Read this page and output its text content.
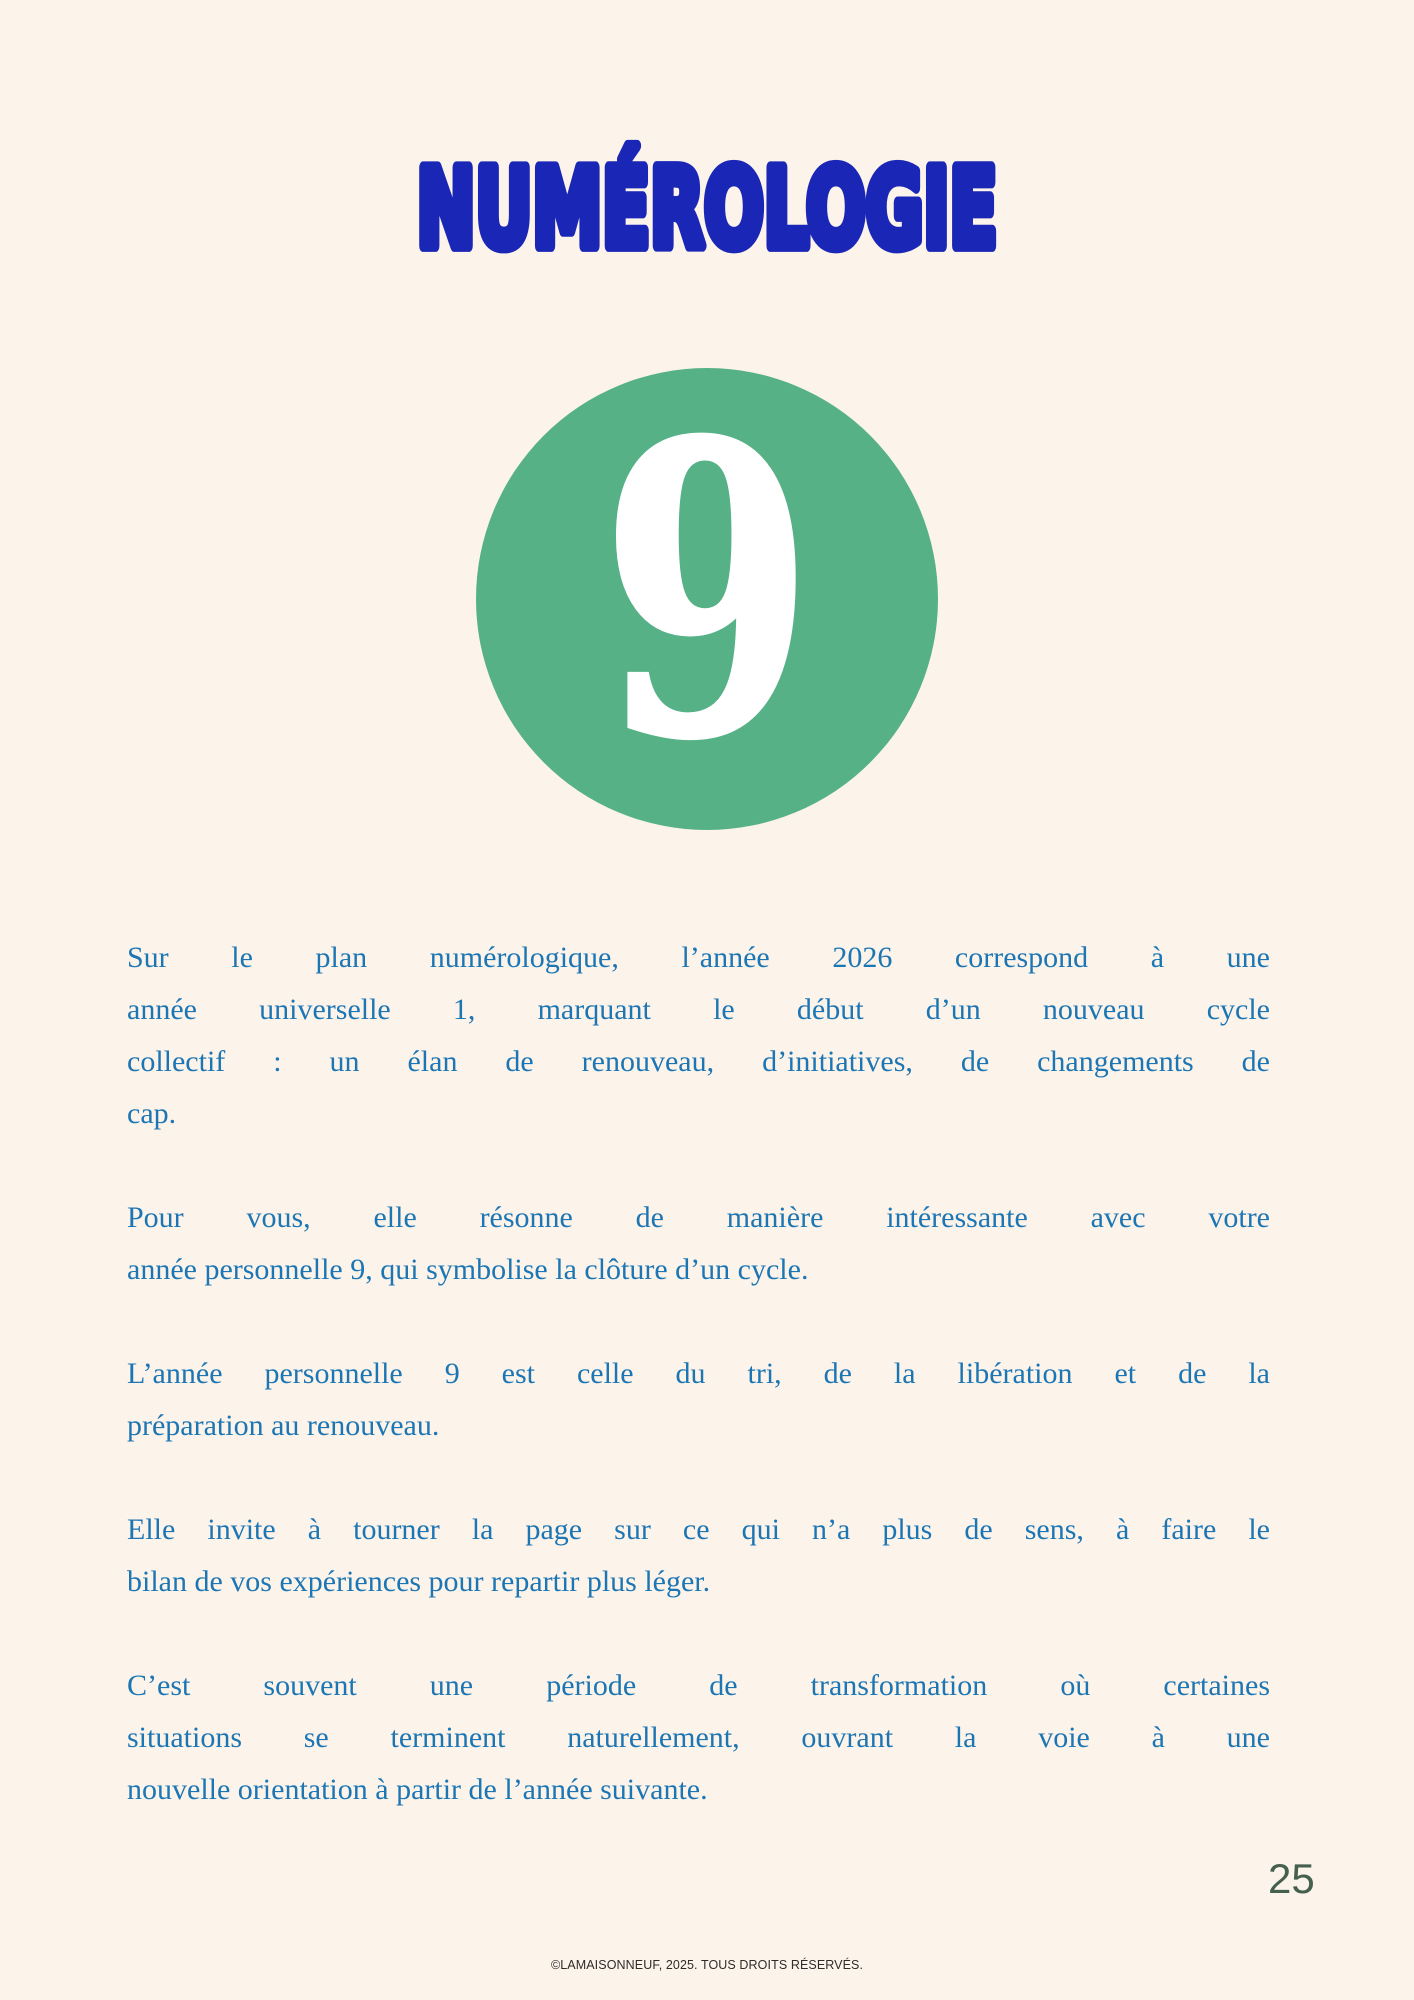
NUMÉROLOGIE
9
Sur le plan numérologique, l’année 2026 correspond à une
année universelle 1, marquant le début d’un nouveau cycle
collectif : un élan de renouveau, d’initiatives, de changements de
cap.
Pour vous, elle résonne de manière intéressante avec votre
année personnelle 9, qui symbolise la clôture d’un cycle.
L’année personnelle 9 est celle du tri, de la libération et de la
préparation au renouveau.
Elle invite à tourner la page sur ce qui n’a plus de sens, à faire le
bilan de vos expériences pour repartir plus léger.
C’est souvent une période de transformation où certaines
situations se terminent naturellement, ouvrant la voie à une
nouvelle orientation à partir de l’année suivante.
25
©LAMAISONNEUF, 2025. TOUS DROITS RÉSERVÉS.
